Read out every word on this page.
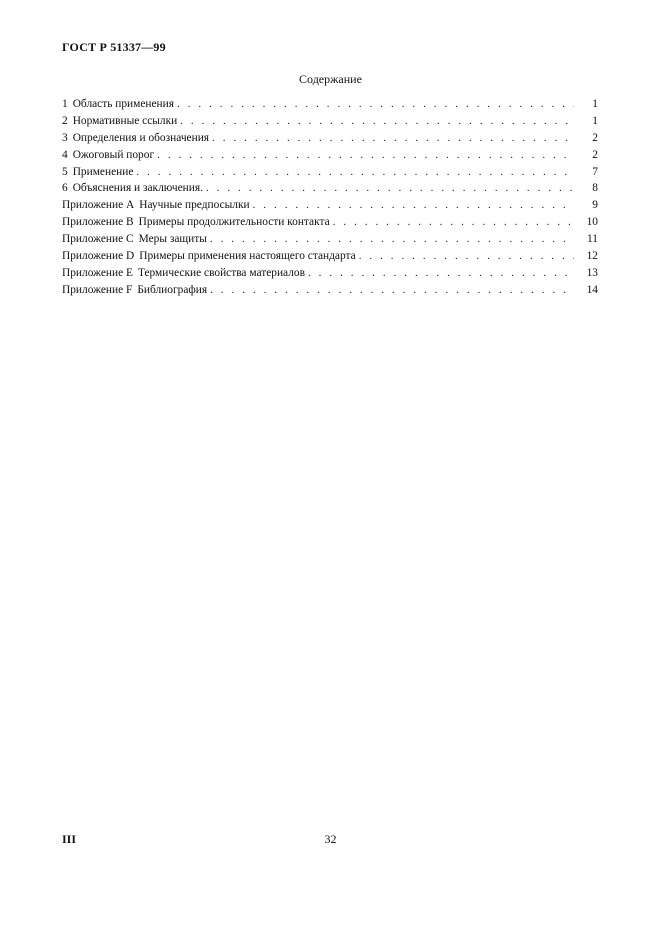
ГОСТ Р 51337—99
Содержание
1 Область применения . . .	1
2 Нормативные ссылки . . .	1
3 Определения и обозначения . . .	2
4 Ожоговый порог . . .	2
5 Применение . . .	7
6 Объяснения и заключения. . . .	8
Приложение A Научные предпосылки . . .	9
Приложение B Примеры продолжительности контакта . . .	10
Приложение C Меры защиты . . .	11
Приложение D Примеры применения настоящего стандарта . . .	12
Приложение E Термические свойства материалов . . .	13
Приложение F Библиография . . .	14
III	32
